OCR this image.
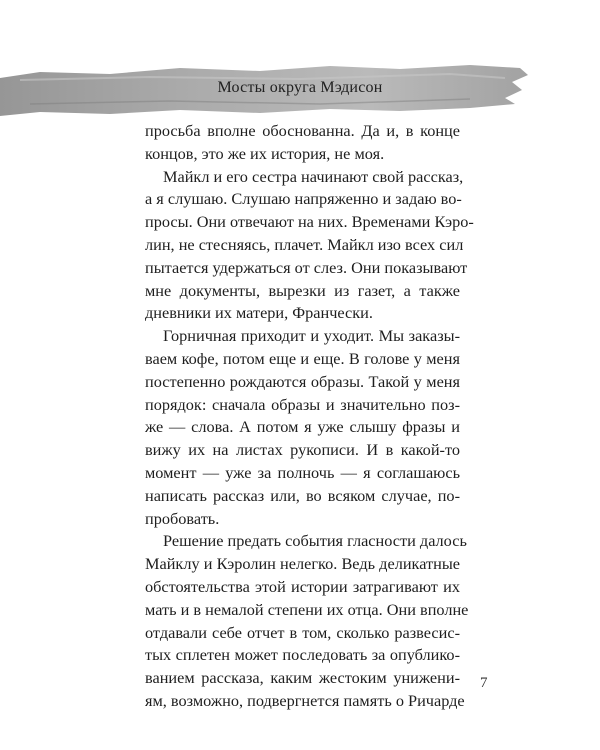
Мосты округа Мэдисон
просьба вполне обоснованна. Да и, в конце
концов, это же их история, не моя.
Майкл и его сестра начинают свой рассказ,
а я слушаю. Слушаю напряженно и задаю во-
просы. Они отвечают на них. Временами Кэро-
лин, не стесняясь, плачет. Майкл изо всех сил
пытается удержаться от слез. Они показывают
мне документы, вырезки из газет, а также
дневники их матери, Франчески.
Горничная приходит и уходит. Мы заказы-
ваем кофе, потом еще и еще. В голове у меня
постепенно рождаются образы. Такой у меня
порядок: сначала образы и значительно поз-
же — слова. А потом я уже слышу фразы и
вижу их на листах рукописи. И в какой-то
момент — уже за полночь — я соглашаюсь
написать рассказ или, во всяком случае, по-
пробовать.
Решение предать события гласности далось
Майклу и Кэролин нелегко. Ведь деликатные
обстоятельства этой истории затрагивают их
мать и в немалой степени их отца. Они вполне
отдавали себе отчет в том, сколько развесис-
тых сплетен может последовать за опублико-
ванием рассказа, каким жестоким унижени-
ям, возможно, подвергнется память о Ричарде
7
